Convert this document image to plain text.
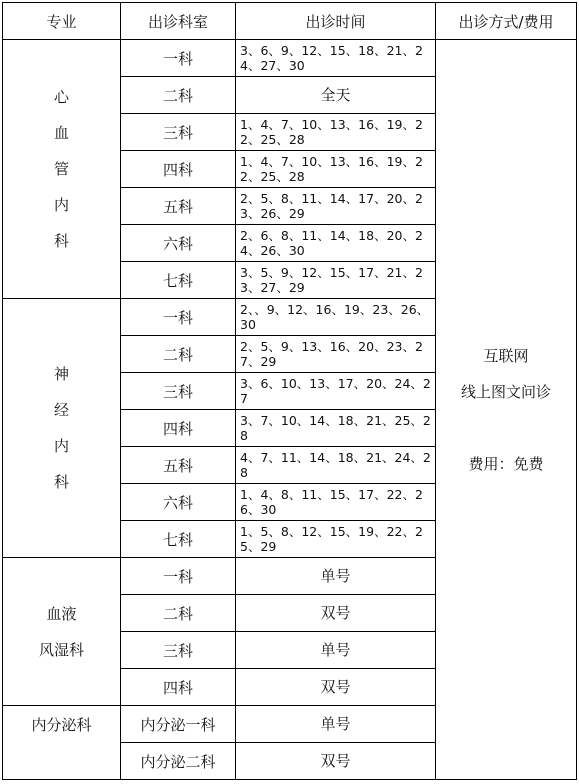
专业	出诊科室	出诊时间	出诊方式/费用

心
血
管
内
科	一科	3、6、9、12、15、18、21、24、27、30	互联网
线上图文问诊
费用：免费

	二科	全天	
	三科	1、4、7、10、13、16、19、22、25、28	
	四科	1、4、7、10、13、16、19、22、25、28	
	五科	2、5、8、11、14、17、20、23、26、29	
	六科	2、6、8、11、14、18、20、24、26、30	
	七科	3、5、9、12、15、17、21、23、27、29	

神
经
内
科	一科	2、、9、12、16、19、23、26、30	
	二科	2、5、9、13、16、20、23、27、29	
	三科	3、6、10、13、17、20、24、27	
	四科	3、7、10、14、18、21、25、28	
	五科	4、7、11、14、18、21、24、28	
	六科	1、4、8、11、15、17、22、26、30	
	七科	1、5、8、12、15、19、22、25、29	

血液
风湿科	一科	单号	
	二科	双号	
	三科	单号	
	四科	双号	
内分泌科	内分泌一科	单号	
	内分泌二科	双号	
